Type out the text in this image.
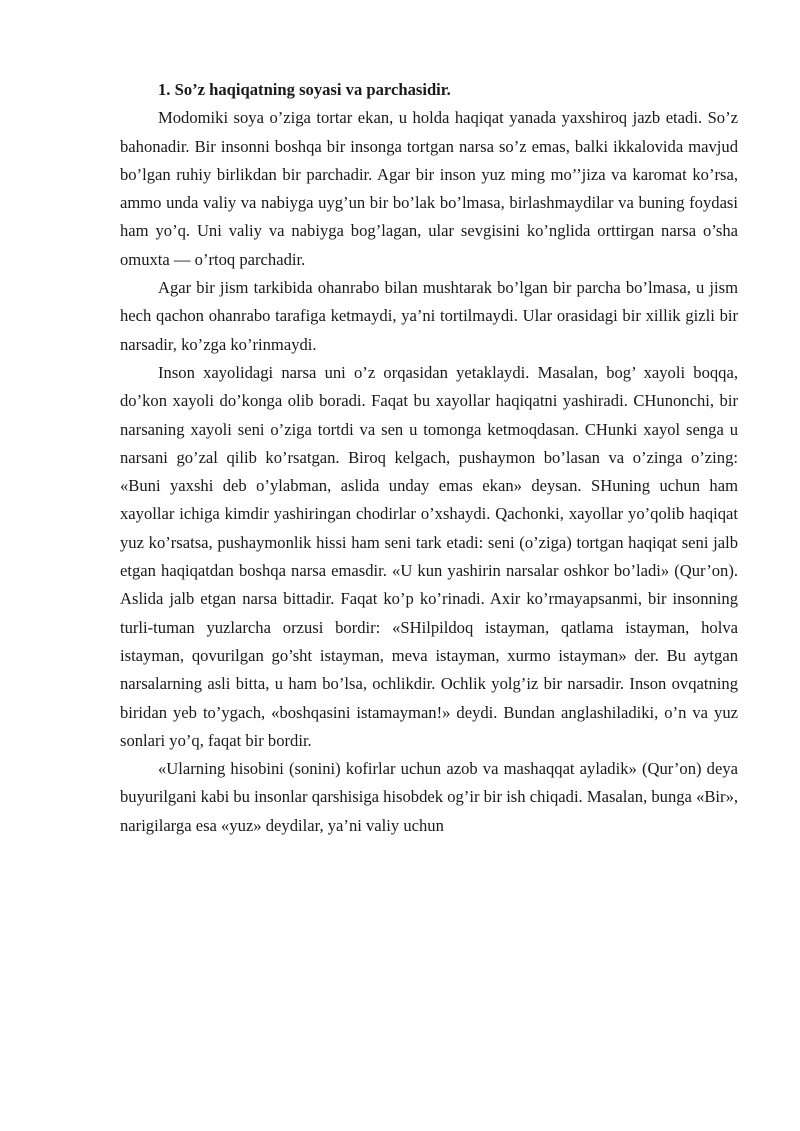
1. So’z haqiqatning soyasi va parchasidir.

Modomiki soya o’ziga tortar ekan, u holda haqiqat yanada yaxshiroq jazb etadi. So’z bahonadir. Bir insonni boshqa bir insonga tortgan narsa so’z emas, balki ikkalovida mavjud bo’lgan ruhiy birlikdan bir parchadir. Agar bir inson yuz ming mo’’jiza va karomat ko’rsa, ammo unda valiy va nabiyga uyg’un bir bo’lak bo’lmasa, birlashmaydilar va buning foydasi ham yo’q. Uni valiy va nabiyga bog’lagan, ular sevgisini ko’nglida orttirgan narsa o’sha omuxta — o’rtoq parchadir.

Agar bir jism tarkibida ohanrabo bilan mushtarak bo’lgan bir parcha bo’lmasa, u jism hech qachon ohanrabo tarafiga ketmaydi, ya’ni tortilmaydi. Ular orasidagi bir xillik gizli bir narsadir, ko’zga ko’rinmaydi.

Inson xayolidagi narsa uni o’z orqasidan yetaklaydi. Masalan, bog’ xayoli boqqa, do’kon xayoli do’konga olib boradi. Faqat bu xayollar haqiqatni yashiradi. CHunonchi, bir narsaning xayoli seni o’ziga tortdi va sen u tomonga ketmoqdasan. CHunki xayol senga u narsani go’zal qilib ko’rsatgan. Biroq kelgach, pushaymon bo’lasan va o’zinga o’zing: «Buni yaxshi deb o’ylabman, aslida unday emas ekan» deysan. SHuning uchun ham xayollar ichiga kimdir yashiringan chodirlar o’xshaydi. Qachonki, xayollar yo’qolib haqiqat yuz ko’rsatsa, pushaymonlik hissi ham seni tark etadi: seni (o’ziga) tortgan haqiqat seni jalb etgan haqiqatdan boshqa narsa emasdir. «U kun yashirin narsalar oshkor bo’ladi» (Qur’on). Aslida jalb etgan narsa bittadir. Faqat ko’p ko’rinadi. Axir ko’rmayapsanmi, bir insonning turli-tuman yuzlarcha orzusi bordir: «SHilpildoq istayman, qatlama istayman, holva istayman, qovurilgan go’sht istayman, meva istayman, xurmo istayman» der. Bu aytgan narsalarning asli bitta, u ham bo’lsa, ochlikdir. Ochlik yolg’iz bir narsadir. Inson ovqatning biridan yeb to’ygach, «boshqasini istamayman!» deydi. Bundan anglashiladiki, o’n va yuz sonlari yo’q, faqat bir bordir.

«Ularning hisobini (sonini) kofirlar uchun azob va mashaqqat ayladik» (Qur’on) deya buyurilgani kabi bu insonlar qarshisiga hisobdek og’ir bir ish chiqadi. Masalan, bunga «Bir», narigilarga esa «yuz» deydilar, ya’ni valiy uchun
